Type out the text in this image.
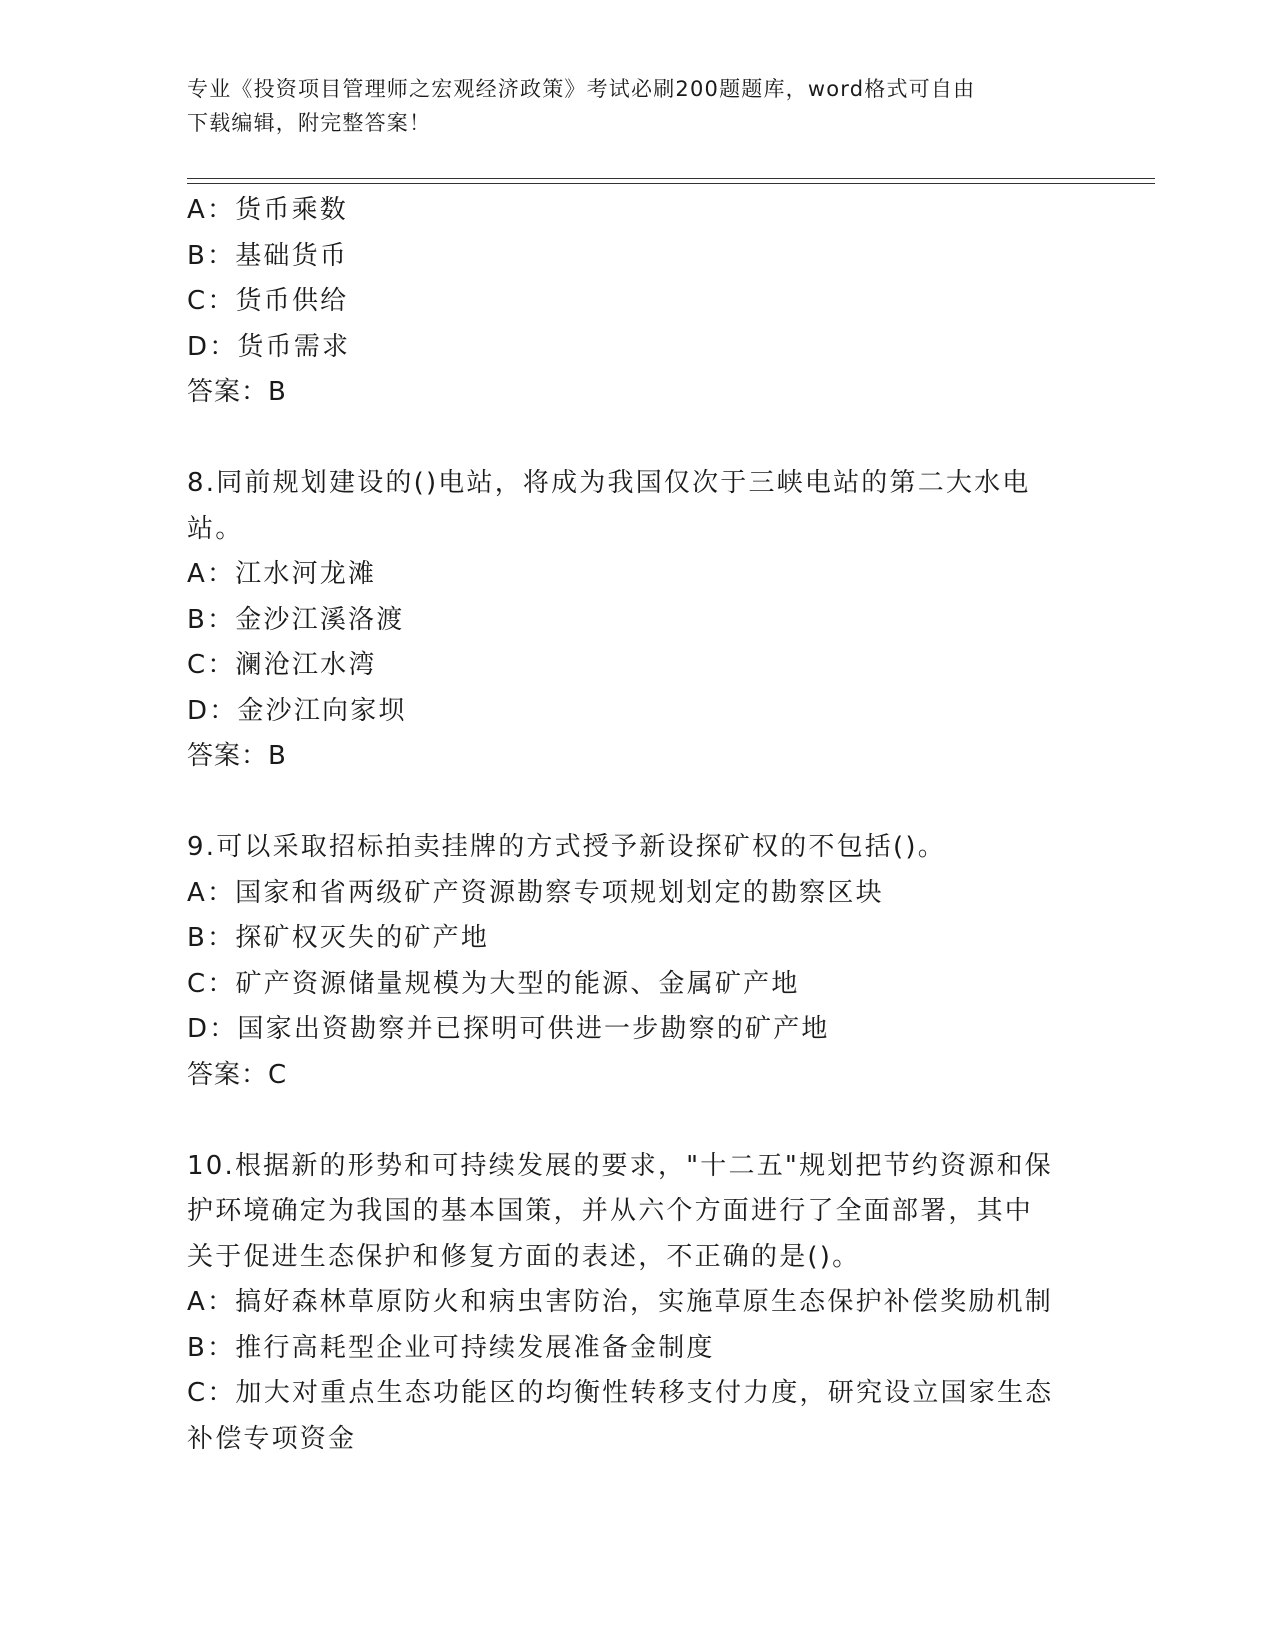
专业《投资项目管理师之宏观经济政策》考试必刷200题题库，word格式可自由
下载编辑，附完整答案！

A：货币乘数

B：基础货币

C：货币供给

D：货币需求

答案：B

8.同前规划建设的()电站，将成为我国仅次于三峡电站的第二大水电

站。

A：江水河龙滩

B：金沙江溪洛渡

C：澜沧江水湾

D：金沙江向家坝

答案：B

9.可以采取招标拍卖挂牌的方式授予新设探矿权的不包括()。

A：国家和省两级矿产资源勘察专项规划划定的勘察区块

B：探矿权灭失的矿产地

C：矿产资源储量规模为大型的能源、金属矿产地

D：国家出资勘察并已探明可供进一步勘察的矿产地

答案：C

10.根据新的形势和可持续发展的要求，"十二五"规划把节约资源和保

护环境确定为我国的基本国策，并从六个方面进行了全面部署，其中

关于促进生态保护和修复方面的表述，不正确的是()。

A：搞好森林草原防火和病虫害防治，实施草原生态保护补偿奖励机制

B：推行高耗型企业可持续发展准备金制度

C：加大对重点生态功能区的均衡性转移支付力度，研究设立国家生态

补偿专项资金
